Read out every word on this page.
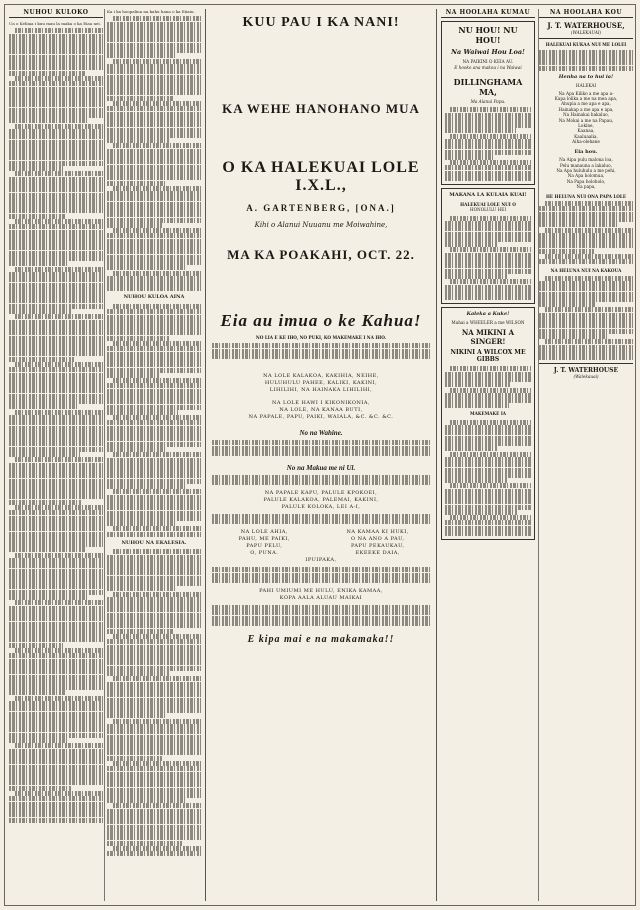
NUHOU KULOKO

Ua o Keliiaa i kuu mau la maka o ka Eiaa nei.

Ka i ka hoopaliua na kahu hana o ka Eiiaiu.

NUHOU KULOA AINA
NUHOU NA EKALESIA.
KUU PAU I KA NANI!
KA WEHE HANOHANO MUA
O KA HALEKUAI LOLE I.X.L.,
A. GARTENBERG, [ONA.]
Kihi o Alanui Nuuanu me Moiwahine,
MA KA POAKAHI, OCT. 22.
Eia au imua o ke Kahua!
NO LIA E KE IHO, NO PUKI, KO MAKEMAKE I NA IHO.
NA LOLE KALAKOA, KAKIHIA, NEIHE,
HULUHULU PAHEE, KALIKI, KAKINI,
LIHILIHI, NA HAINAKA LIHILIHI,
NA LOLE HAWI I KIKONIKONIA,
NA LOLE, NA KANAA BUTI,
NA PAPALE, PAPU, PAIKI, WAIALA, &C. &C. &C.
No na Wahine.
No na Makua me ni Ul.
NA PAPALE KAPU, PALULE KPOKOEI,
PALULE KALAKOA, PALEMAI, KAKINI,
PALULE KOLOKA, LEI A-I,
NA LOLE AHIA,
PAHU, ME PAIKI,
PAPU PELU,
O, PUNA.
NA KAMAA KI HUKI,
O NA ANO A PAU,
PAPU PEKAUKAU,
EKEEKE DAIA,
IPUIPAKA,
PAHI UMIUMI ME HULU, ENIKA KAMAA,
KOPA AALA ALUAU MAIKAI
E kipa mai e na makamaka!!
NA HOOLAHA KUMAU
NU HOU! NU HOU!
Na Waiwai Hou Loa!
NA PAIKINI O KEIA AU.
E hooko ana makou i na Waiwai
DILLINGHAMA MA,
Ma Alanui Papu.
MAKANA LA KULAIA KUAI!
HALEKUAI LOLE NUI O
HONOLULU HEI
Kaleka a Kuke!
Mahai a WHEELER a me WILSON
NA MIKINI A SINGER!
NIKINI A WILCOX ME GIBBS
MAKEMAKE IA
NA HOOLAHA KOU
J. T. WATERHOUSE,
(WALEKAUAI)
HALEKUAI KUKAA NUI ME LOLEI
Henha na to hui ia!
HALEKAI
Na Apa Kiliko a me apa a-
Kapa lolika a me na mea apa,
Ahupia a me apa e apa,
Hainakap a me apa e apa,
Na Hainakai hakaluo,
Na Mokai a me na Papau,
Lokine,
Kaanaa,
Kaaluaalia,
Aiha-olehane
Eia hou.
Na Aipa pulu malona loa,
Pelu manauna a lakaluo,
Na Apa huluhulu a me pehi,
Na Apa holomua,
Na Papa holoholo,
Na papa,
HE HELUNA NUI ONA PAPA LOLE
NA HELUNA NUI NA KAKOUA
J. T. WATERHOUSE
(Walekauai)
